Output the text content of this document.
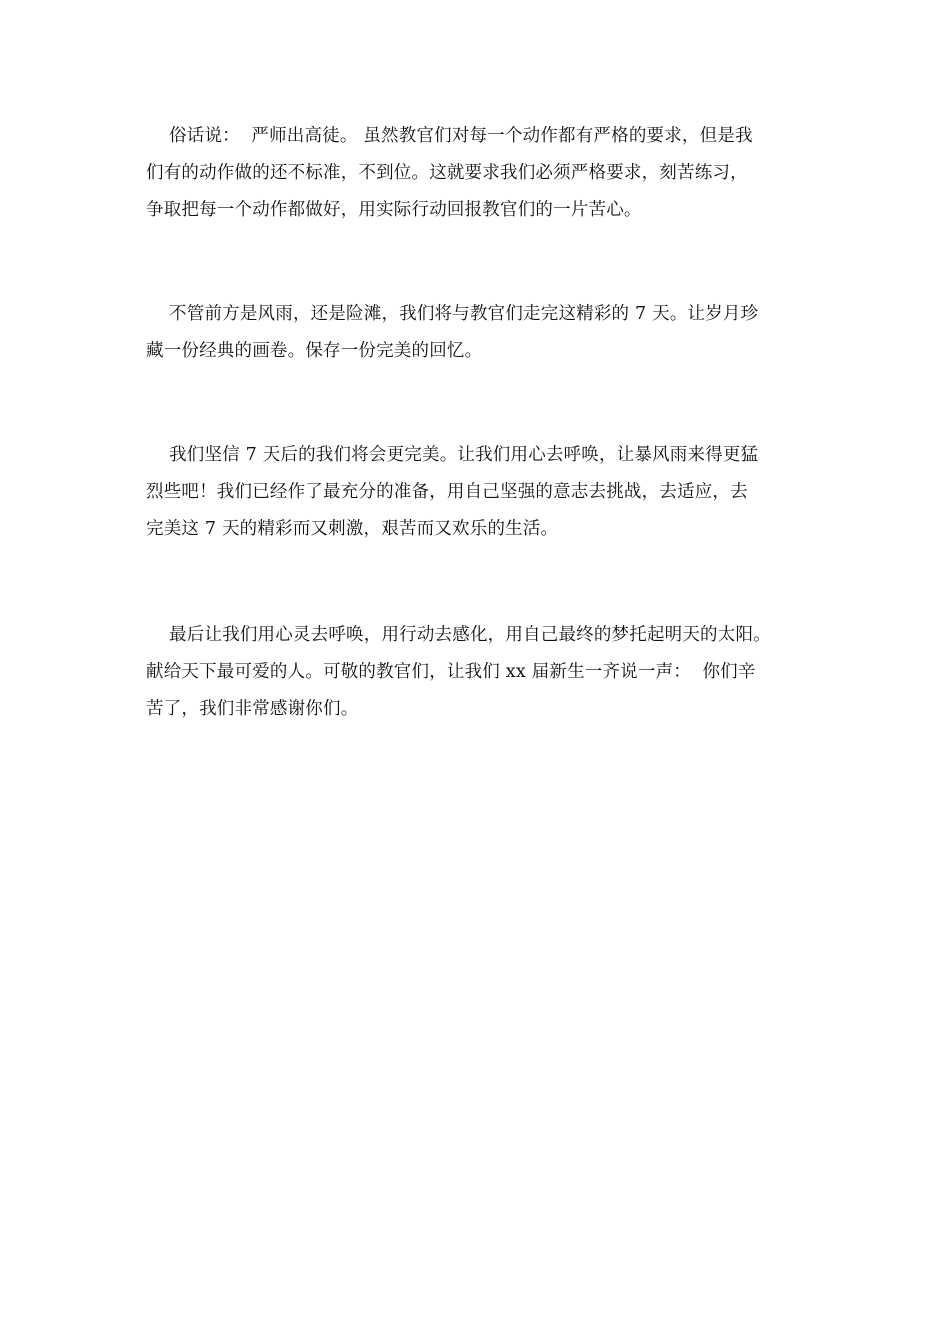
俗话说：  严师出高徒。 虽然教官们对每一个动作都有严格的要求，但是我
们有的动作做的还不标准，不到位。这就要求我们必须严格要求，刻苦练习，
争取把每一个动作都做好，用实际行动回报教官们的一片苦心。
不管前方是风雨，还是险滩，我们将与教官们走完这精彩的 7 天。让岁月珍
藏一份经典的画卷。保存一份完美的回忆。
我们坚信 7 天后的我们将会更完美。让我们用心去呼唤，让暴风雨来得更猛
烈些吧！我们已经作了最充分的准备，用自己坚强的意志去挑战，去适应，去
完美这 7 天的精彩而又刺激，艰苦而又欢乐的生活。
最后让我们用心灵去呼唤，用行动去感化，用自己最终的梦托起明天的太阳。
献给天下最可爱的人。可敬的教官们，让我们 xx 届新生一齐说一声：  你们辛
苦了，我们非常感谢你们。
